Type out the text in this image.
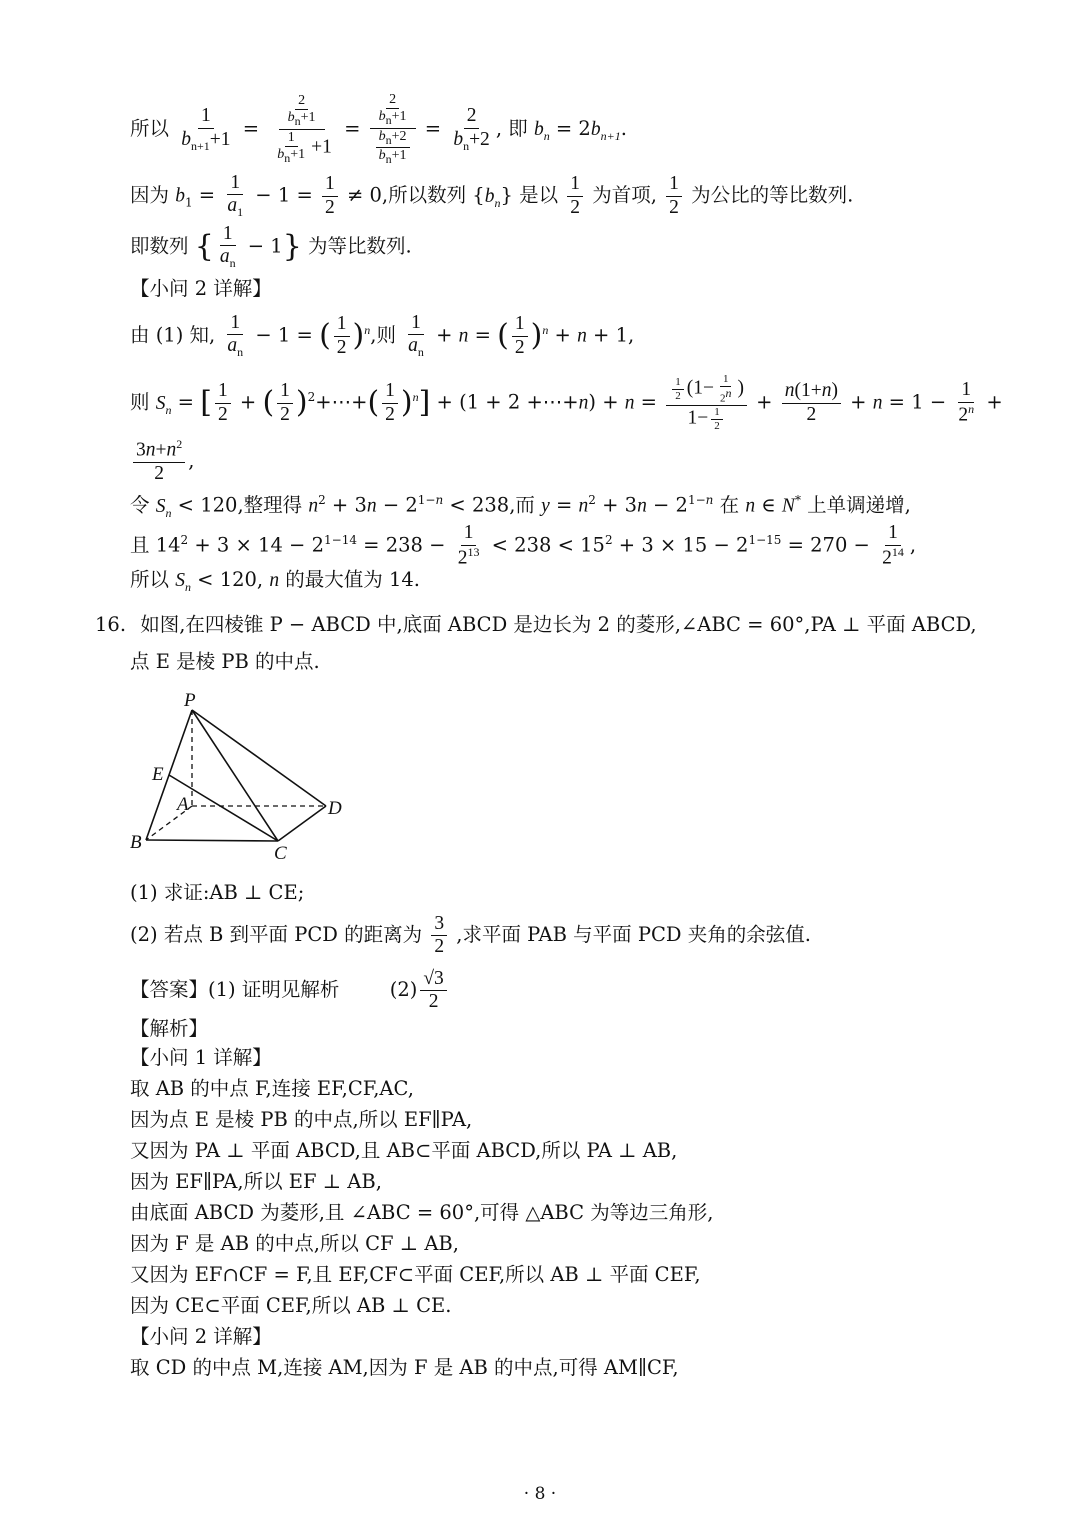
所以 $\frac{1}{b_{n+1}+1} = \frac{\frac{2}{b_n+1}}{\frac{1}{b_n+1} +1} = \frac{\frac{2}{b_n+1}}{\frac{b_n+2}{b_n+1}} = \frac{2}{b_n+2}$ , 即 $b_n = 2b_{n+1}$.
因为 $b_1 = \frac{1}{a_1} - 1 = \frac{1}{2} \ne 0$,所以数列 $\{b_n\}$ 是以 $\frac{1}{2}$ 为首项, $\frac{1}{2}$ 为公比的等比数列.
即数列 { $\frac{1}{a_n} - 1$} 为等比数列.
【小问 2 详解】
由 (1) 知, $\frac{1}{a_n} - 1$ = ( $\frac{1}{2} )^n$,则 $\frac{1}{a_n} + n$ = ( $\frac{1}{2} )^n + n + 1$,
则 $S_n$ = [ $\frac{1}{2}$ + ( $\frac{1}{2}$ )$^2$+⋯+( $\frac{1}{2} )^n] + (1 + 2$ +⋯+n) + $n = \frac{\frac{1}{2} (1- \frac{1}{2^n} )}{1- \frac{1}{2}} + \frac{n(1+n)}{2} + n = 1 - \frac{1}{2^n}$ +
$\frac{3n+n^2}{2}$ ,
令 $S_n < 120$,整理得 $n^2 + 3n - 2^{1-n} < 238$,而 $y = n^2 + 3n - 2^{1-n}$ 在 n ∈ N* 上单调递增,
且 $14^2 + 3 \times 14 - 2^{1-14} = 238 - \frac{1}{2^{13}} < 238 < 15^2 + 3 \times 15 - 2^{1-15} = 270 - \frac{1}{2^{14}}$ ,
所以 $S_n < 120$, n 的最大值为 14.
16. 如图,在四棱锥 P − ABCD 中,底面 ABCD 是边长为 2 的菱形,∠ABC = 60°,PA ⊥ 平面 ABCD,
点 E 是棱 PB 的中点.
P
E
A
B
C
D
(1) 求证:AB ⊥ CE;
(2) 若点 B 到平面 PCD 的距离为 $\frac{3}{2}$ ,求平面 PAB 与平面 PCD 夹角的余弦值.
【答案】(1) 证明见解析	$(2) \frac{√3}{2}$
【解析】
【小问 1 详解】
取 AB 的中点 F,连接 EF,CF,AC,
因为点 E 是棱 PB 的中点,所以 EF∥PA,
又因为 PA ⊥ 平面 ABCD,且 AB⊂平面 ABCD,所以 PA ⊥ AB,
因为 EF∥PA,所以 EF ⊥ AB,
由底面 ABCD 为菱形,且 ∠ABC = 60°,可得 △ABC 为等边三角形,
因为 F 是 AB 的中点,所以 CF ⊥ AB,
又因为 EF∩CF = F,且 EF,CF⊂平面 CEF,所以 AB ⊥ 平面 CEF,
因为 CE⊂平面 CEF,所以 AB ⊥ CE.
【小问 2 详解】
取 CD 的中点 M,连接 AM,因为 F 是 AB 的中点,可得 AM∥CF,
· 8 ·
